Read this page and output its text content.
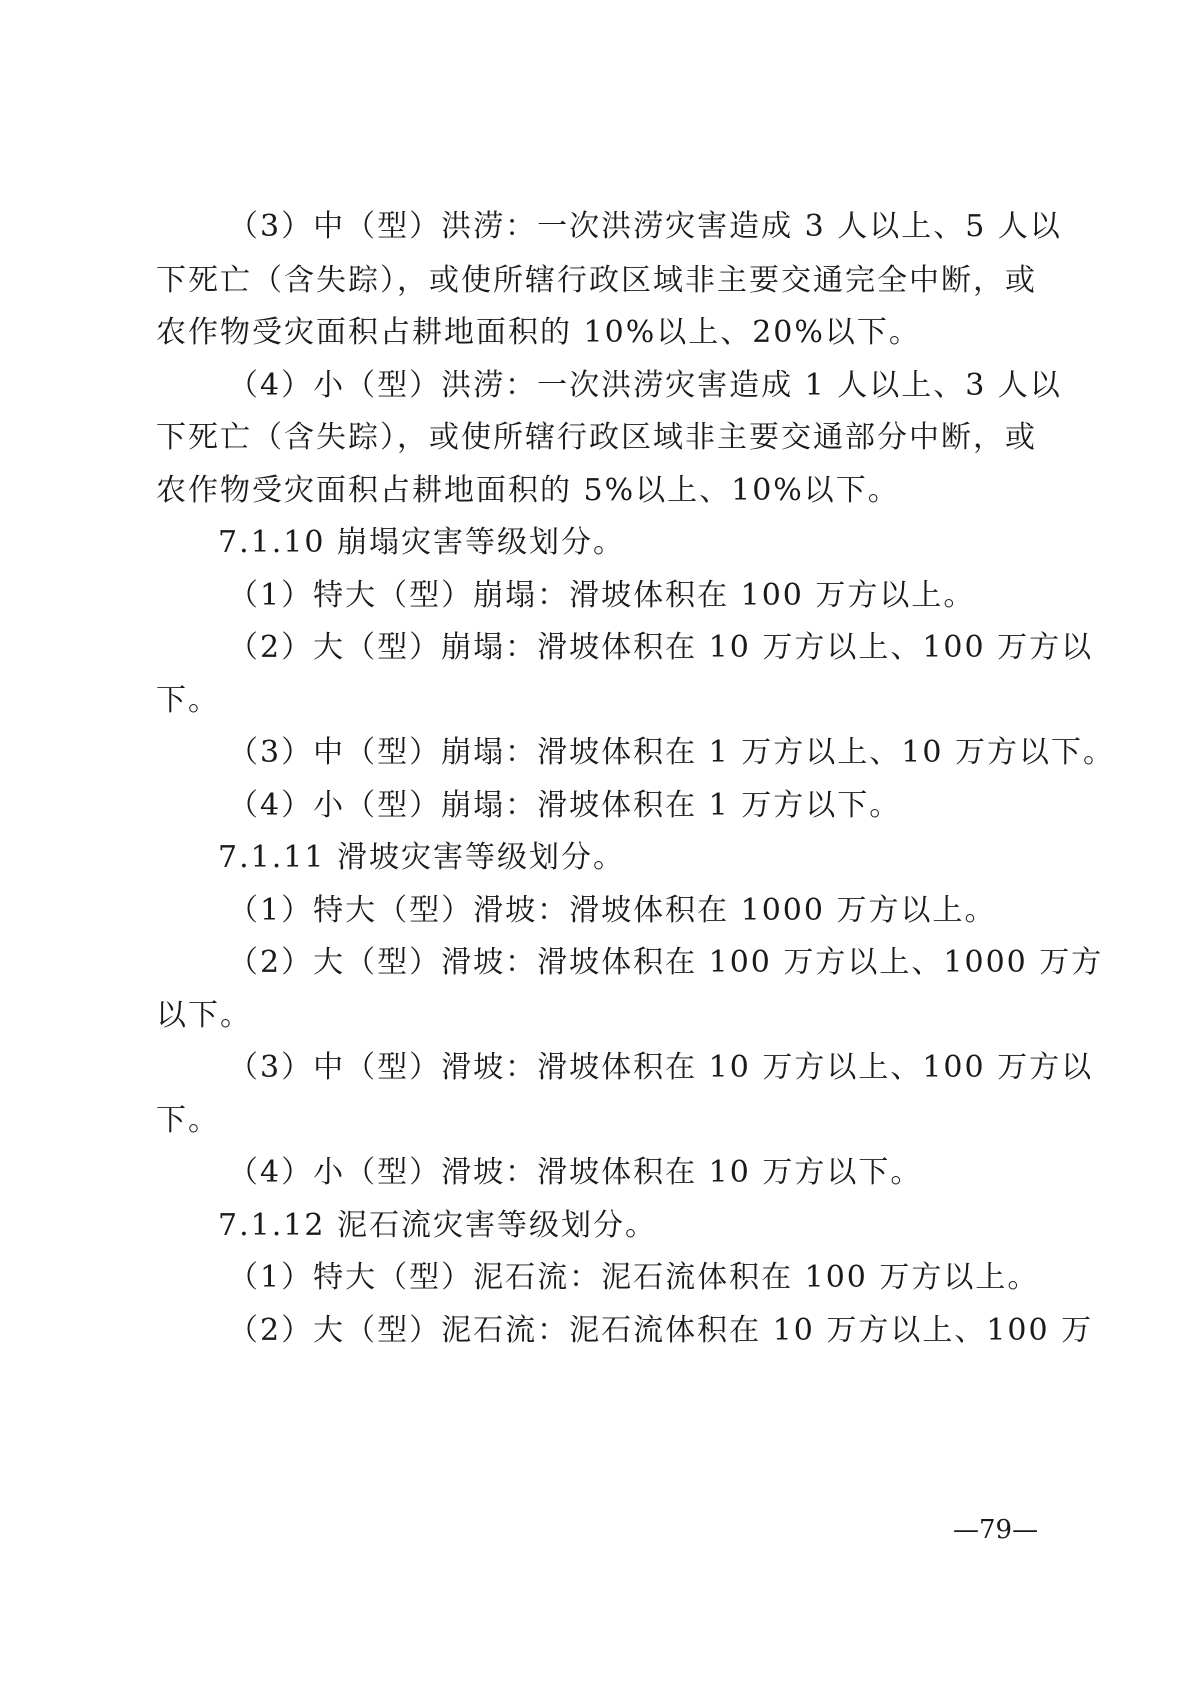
（3）中（型）洪涝：一次洪涝灾害造成 3 人以上、5 人以
下死亡（含失踪），或使所辖行政区域非主要交通完全中断，或
农作物受灾面积占耕地面积的 10%以上、20%以下。
（4）小（型）洪涝：一次洪涝灾害造成 1 人以上、3 人以
下死亡（含失踪），或使所辖行政区域非主要交通部分中断，或
农作物受灾面积占耕地面积的 5%以上、10%以下。
7.1.10 崩塌灾害等级划分。
（1）特大（型）崩塌：滑坡体积在 100 万方以上。
（2）大（型）崩塌：滑坡体积在 10 万方以上、100 万方以
下。
（3）中（型）崩塌：滑坡体积在 1 万方以上、10 万方以下。
（4）小（型）崩塌：滑坡体积在 1 万方以下。
7.1.11 滑坡灾害等级划分。
（1）特大（型）滑坡：滑坡体积在 1000 万方以上。
（2）大（型）滑坡：滑坡体积在 100 万方以上、1000 万方
以下。
（3）中（型）滑坡：滑坡体积在 10 万方以上、100 万方以
下。
（4）小（型）滑坡：滑坡体积在 10 万方以下。
7.1.12 泥石流灾害等级划分。
（1）特大（型）泥石流：泥石流体积在 100 万方以上。
（2）大（型）泥石流：泥石流体积在 10 万方以上、100 万
—79—
